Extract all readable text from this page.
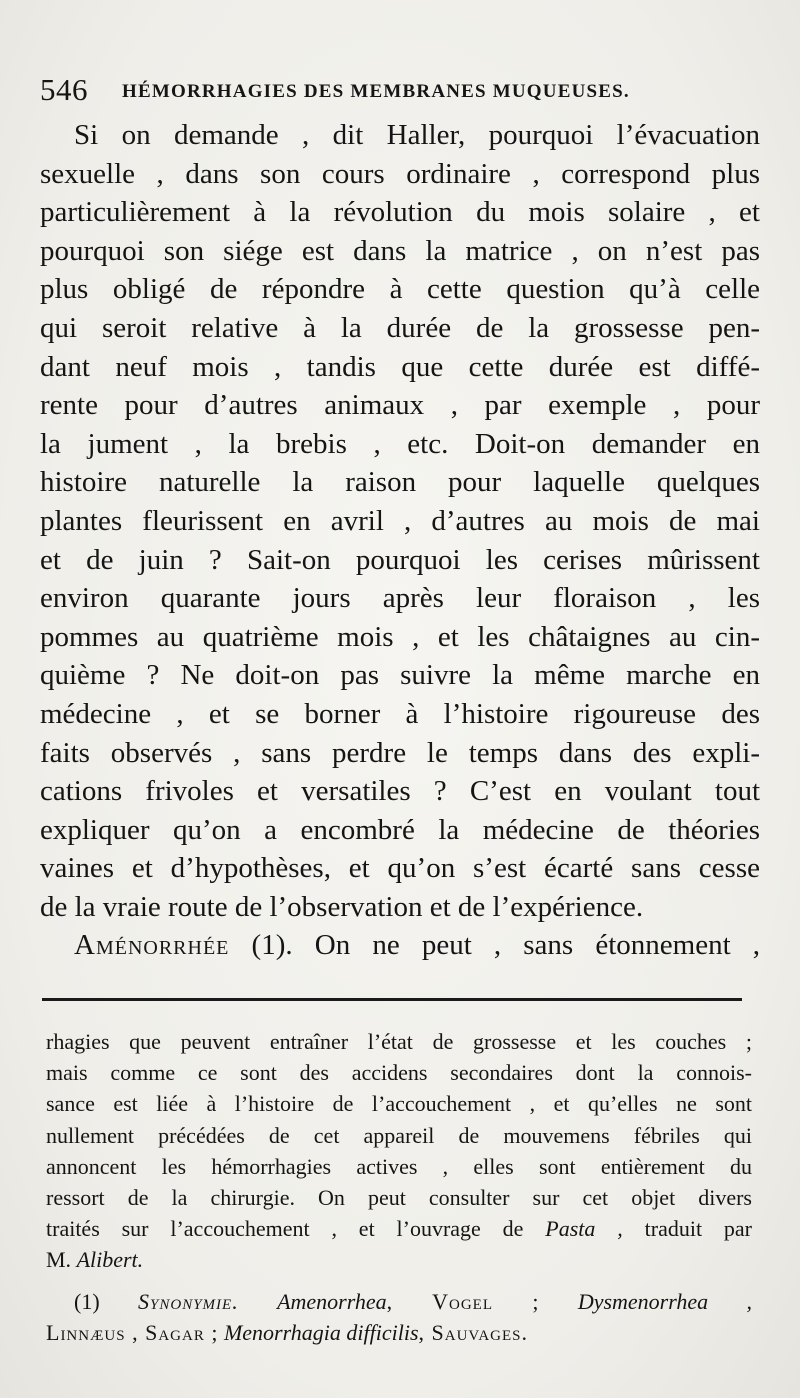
546 HÉMORRHAGIES DES MEMBRANES MUQUEUSES.
Si on demande , dit Haller, pourquoi l’évacuation
sexuelle , dans son cours ordinaire , correspond plus
particulièrement à la révolution du mois solaire , et
pourquoi son siége est dans la matrice , on n’est pas
plus obligé de répondre à cette question qu’à celle
qui seroit relative à la durée de la grossesse pen-
dant neuf mois , tandis que cette durée est diffé-
rente pour d’autres animaux , par exemple , pour
la jument , la brebis , etc. Doit-on demander en
histoire naturelle la raison pour laquelle quelques
plantes fleurissent en avril , d’autres au mois de mai
et de juin ? Sait-on pourquoi les cerises mûrissent
environ quarante jours après leur floraison , les
pommes au quatrième mois , et les châtaignes au cin-
quième ? Ne doit-on pas suivre la même marche en
médecine , et se borner à l’histoire rigoureuse des
faits observés , sans perdre le temps dans des expli-
cations frivoles et versatiles ? C’est en voulant tout
expliquer qu’on a encombré la médecine de théories
vaines et d’hypothèses, et qu’on s’est écarté sans cesse
de la vraie route de l’observation et de l’expérience.
Aménorrhée (1). On ne peut , sans étonnement ,
rhagies que peuvent entraîner l’état de grossesse et les couches ;
mais comme ce sont des accidens secondaires dont la connois-
sance est liée à l’histoire de l’accouchement , et qu’elles ne sont
nullement précédées de cet appareil de mouvemens fébriles qui
annoncent les hémorrhagies actives , elles sont entièrement du
ressort de la chirurgie. On peut consulter sur cet objet divers
traités sur l’accouchement , et l’ouvrage de Pasta , traduit par
M. Alibert.
(1) Synonymie. Amenorrhea, Vogel ; Dysmenorrhea ,
Linnæus , Sagar ; Menorrhagia difficilis, Sauvages.
